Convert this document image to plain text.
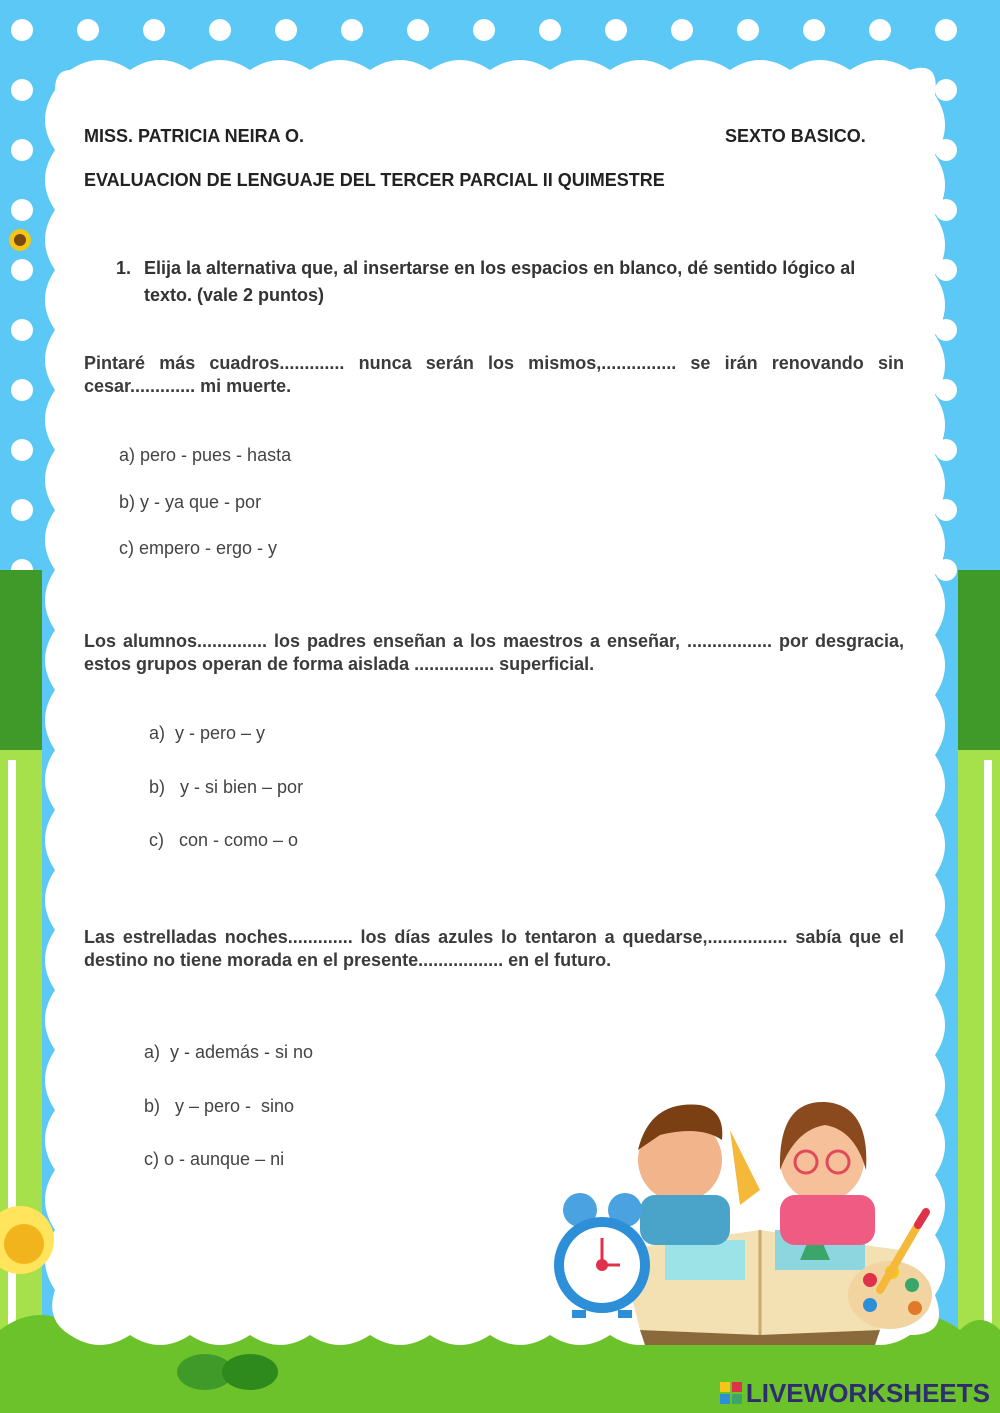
MISS. PATRICIA NEIRA O.	SEXTO BASICO.
EVALUACION DE LENGUAJE DEL TERCER PARCIAL II QUIMESTRE
1. Elija la alternativa que, al insertarse en los espacios en blanco, dé sentido lógico al texto. (vale 2 puntos)
Pintaré más cuadros............. nunca serán los mismos,............... se irán renovando sin cesar............. mi muerte.
a) pero - pues - hasta
b) y - ya que - por
c) empero - ergo - y
Los alumnos.............. los padres enseñan a los maestros a enseñar, ................. por desgracia, estos grupos operan de forma aislada ................ superficial.
a)  y - pero – y
b)   y - si bien – por
c)   con - como – o
Las estrelladas noches............. los días azules lo tentaron a quedarse,................ sabía que el destino no tiene morada en el presente................. en el futuro.
a)  y - además - si no
b)   y – pero -  sino
c) o - aunque – ni
LIVEWORKSHEETS
